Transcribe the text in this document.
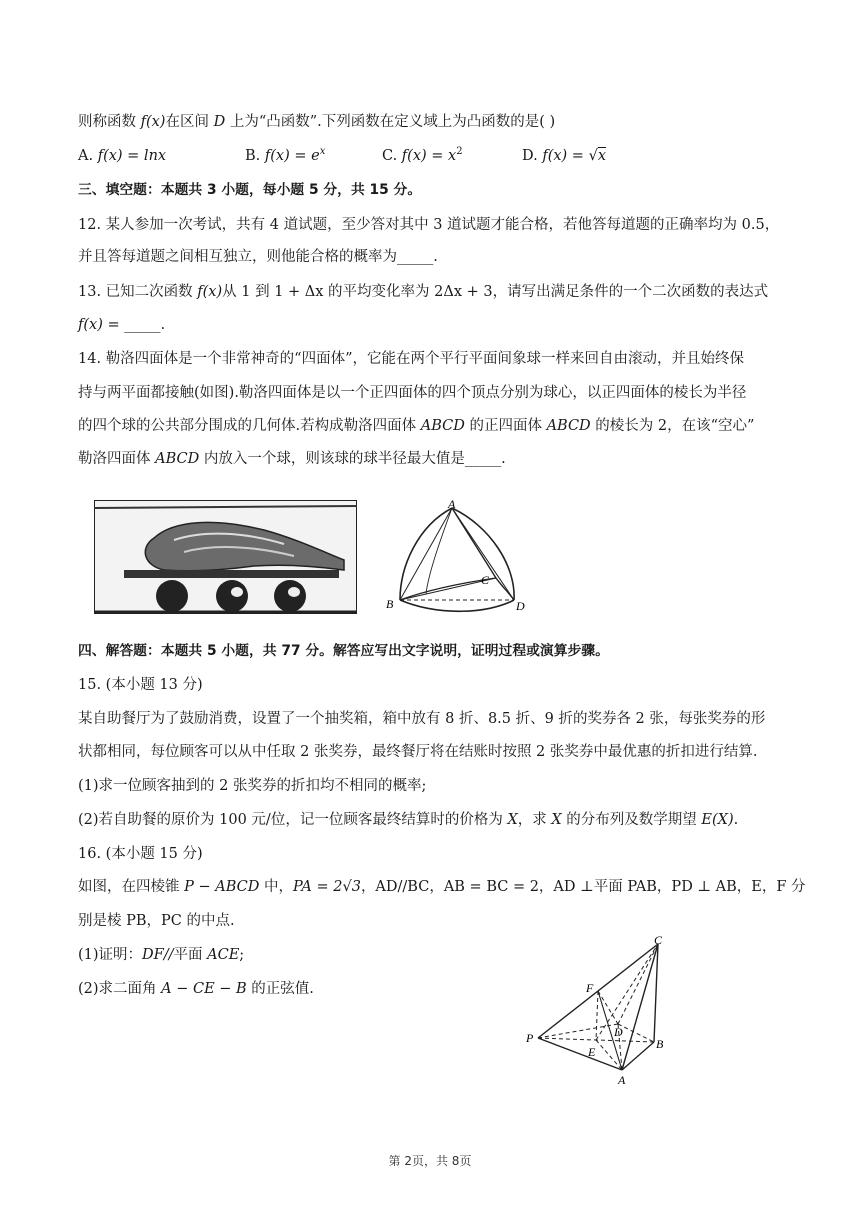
则称函数 f(x)在区间 D 上为“凸函数”.下列函数在定义域上为凸函数的是( )
A. f(x) = lnx	B. $f(x) = e^x$	C. $f(x) = x^2$	D. f(x) = √x
三、填空题：本题共 3 小题，每小题 5 分，共 15 分。
12. 某人参加一次考试，共有 4 道试题，至少答对其中 3 道试题才能合格，若他答每道题的正确率均为 0.5，
并且答每道题之间相互独立，则他能合格的概率为_____.
13. 已知二次函数 f(x)从 1 到 1 + Δx 的平均变化率为 2Δx + 3，请写出满足条件的一个二次函数的表达式
f(x) = _____.
14. 勒洛四面体是一个非常神奇的“四面体”，它能在两个平行平面间象球一样来回自由滚动，并且始终保
持与两平面都接触(如图).勒洛四面体是以一个正四面体的四个顶点分别为球心，以正四面体的棱长为半径
的四个球的公共部分围成的几何体.若构成勒洛四面体 ABCD 的正四面体 ABCD 的棱长为 2，在该“空心”
勒洛四面体 ABCD 内放入一个球，则该球的球半径最大值是_____.
A
B
C
D
四、解答题：本题共 5 小题，共 77 分。解答应写出文字说明，证明过程或演算步骤。
15. (本小题 13 分)
某自助餐厅为了鼓励消费，设置了一个抽奖箱，箱中放有 8 折、8.5 折、9 折的奖券各 2 张，每张奖券的形
状都相同，每位顾客可以从中任取 2 张奖券，最终餐厅将在结账时按照 2 张奖券中最优惠的折扣进行结算.
(1)求一位顾客抽到的 2 张奖券的折扣均不相同的概率;
(2)若自助餐的原价为 100 元/位，记一位顾客最终结算时的价格为 X，求 X 的分布列及数学期望 E(X).
16. (本小题 15 分)
如图，在四棱锥 P − ABCD 中，PA = 2√3，AD//BC，AB = BC = 2，AD ⊥平面 PAB，PD ⊥ AB，E，F 分
别是棱 PB，PC 的中点.
(1)证明：DF//平面 ACE;
(2)求二面角 A − CE − B 的正弦值.
C
F
D
P
E
B
A
第 2页，共 8页
